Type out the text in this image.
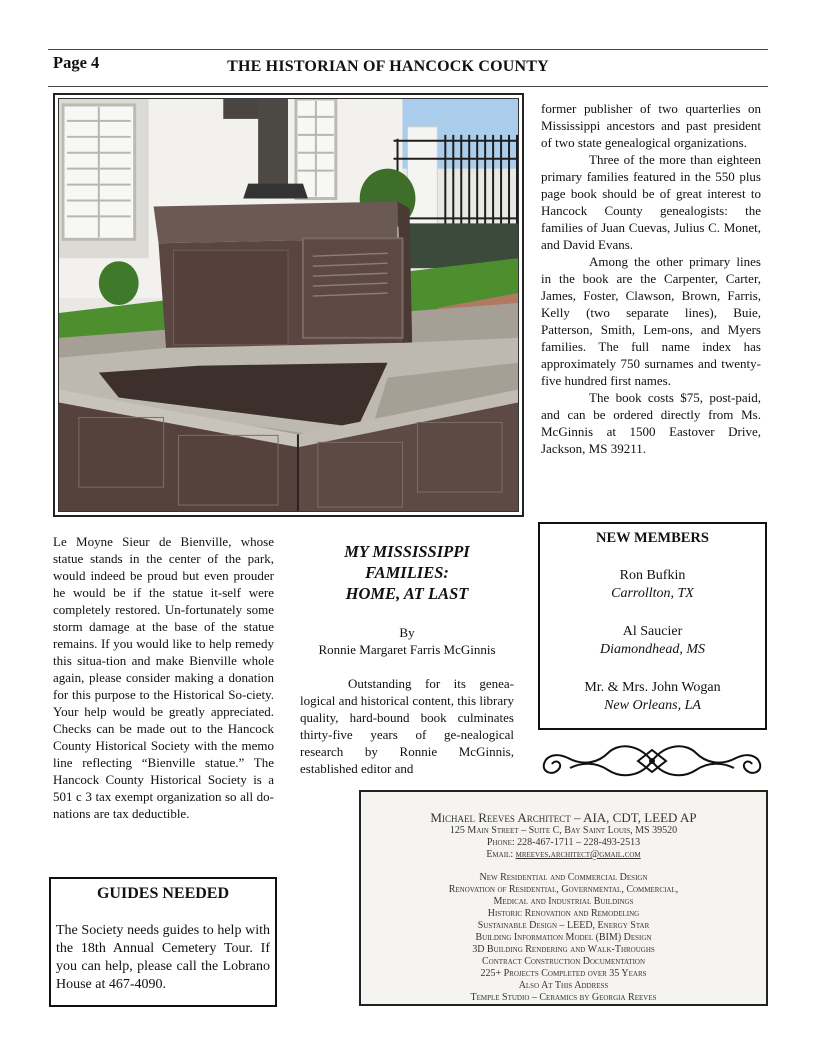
Page 4	THE HISTORIAN OF HANCOCK COUNTY

former publisher of two quarterlies on Mississippi ancestors and past president of two state genealogical organizations.

Three of the more than eighteen primary families featured in the 550 plus page book should be of great interest to Hancock County genealogists: the families of Juan Cuevas, Julius C. Monet, and David Evans.

Among the other primary lines in the book are the Carpenter, Carter, James, Foster, Clawson, Brown, Farris, Kelly (two separate lines), Buie, Patterson, Smith, Lem-ons, and Myers families. The full name index has approximately 750 surnames and twenty-five hundred first names.

The book costs $75, post-paid, and can be ordered directly from Ms. McGinnis at 1500 Eastover Drive, Jackson, MS 39211.

Le Moyne Sieur de Bienville, whose statue stands in the center of the park, would indeed be proud but even prouder he would be if the statue it-self were completely restored. Un-fortunately some storm damage at the base of the statue remains. If you would like to help remedy this situa-tion and make Bienville whole again, please consider making a donation for this purpose to the Historical So-ciety. Your help would be greatly appreciated. Checks can be made out to the Hancock County Historical Society with the memo line reflecting “Bienville statue.” The Hancock County Historical Society is a 501 c 3 tax exempt organization so all do-nations are tax deductible.

GUIDES NEEDED
The Society needs guides to help with the 18th Annual Cemetery Tour. If you can help, please call the Lobrano House at 467-4090.
MY MISSISSIPPI
FAMILIES:
HOME, AT LAST
By
Ronnie Margaret Farris McGinnis

Outstanding for its genea-logical and historical content, this library quality, hard-bound book culminates thirty-five years of ge-nealogical research by Ronnie McGinnis, established editor and

NEW MEMBERS
Ron Bufkin
Carrollton, TX
Al Saucier
Diamondhead, MS
Mr. & Mrs. John Wogan
New Orleans, LA
Michael Reeves Architect – AIA, CDT, LEED AP
125 Main Street – Suite C, Bay Saint Louis, MS 39520
Phone: 228-467-1711 – 228-493-2513
Email: mreeves.architect@gmail.com
New Residential and Commercial Design
Renovation of Residential, Governmental, Commercial,
Medical and Industrial Buildings
Historic Renovation and Remodeling
Sustainable Design – LEED, Energy Star
Building Information Model (BIM) Design
3D Building Rendering and Walk-Throughs
Contract Construction Documentation
225+ Projects Completed over 35 Years
Also At This Address
Temple Studio – Ceramics by Georgia Reeves
